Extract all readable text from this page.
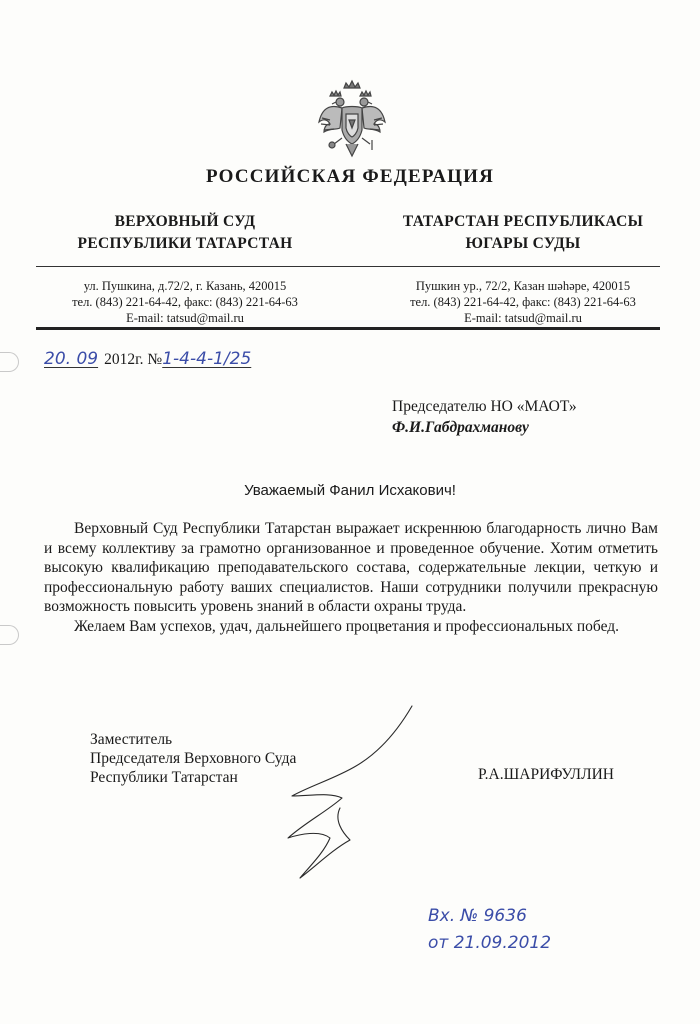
РОССИЙСКАЯ ФЕДЕРАЦИЯ
ВЕРХОВНЫЙ СУД
РЕСПУБЛИКИ ТАТАРСТАН
ТАТАРСТАН РЕСПУБЛИКАСЫ
ЮГАРЫ СУДЫ
ул. Пушкина, д.72/2, г. Казань, 420015
тел. (843) 221-64-42, факс: (843) 221-64-63
E-mail: tatsud@mail.ru
Пушкин ур., 72/2, Казан шәһәре, 420015
тел. (843) 221-64-42, факс: (843) 221-64-63
E-mail: tatsud@mail.ru
20. 09 2012г. №1-4-4-1/25
Председателю НО «МАОТ»
Ф.И.Габдрахманову
Уважаемый Фанил Исхакович!

Верховный Суд Республики Татарстан выражает искреннюю благодарность лично Вам и всему коллективу за грамотно организованное и проведенное обучение. Хотим отметить высокую квалификацию преподавательского состава, содержательные лекции, четкую и профессиональную работу ваших специалистов. Наши сотрудники получили прекрасную возможность повысить уровень знаний в области охраны труда.

Желаем Вам успехов, удач, дальнейшего процветания и профессиональных побед.

Заместитель
Председателя Верховного Суда
Республики Татарстан	Р.А.ШАРИФУЛЛИН
Вх. № 9636
от 21.09.2012
